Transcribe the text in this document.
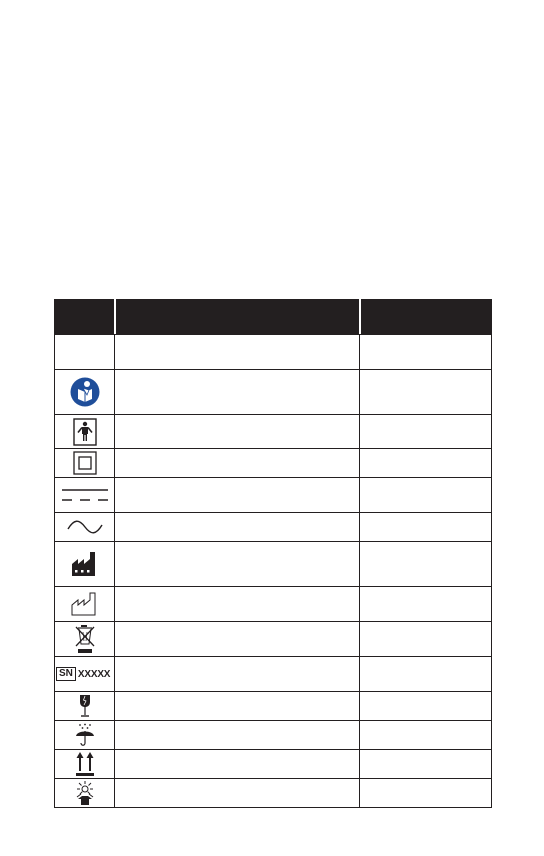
SN XXXXX
